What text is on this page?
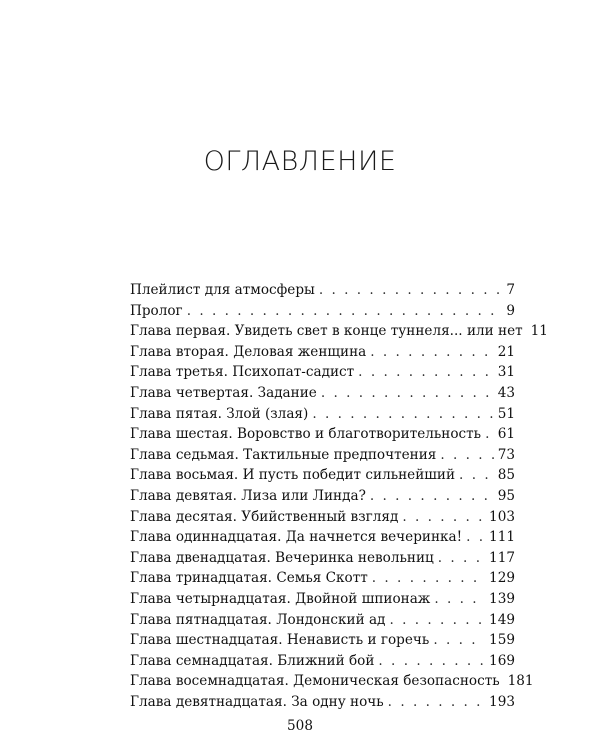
ОГЛАВЛЕНИЕ
Плейлист для атмосферы . . .	7
Пролог . . .	9
Глава первая. Увидеть свет в конце туннеля... или нет 11
Глава вторая. Деловая женщина . . .	21
Глава третья. Психопат-садист . . .	31
Глава четвертая. Задание . . .	43
Глава пятая. Злой (злая) . . .	51
Глава шестая. Воровство и благотворительность . . . 61
Глава седьмая. Тактильные предпочтения . . .	73
Глава восьмая. И пусть победит сильнейший . . .	85
Глава девятая. Лиза или Линда? . . .	95
Глава десятая. Убийственный взгляд . . .	103
Глава одиннадцатая. Да начнется вечеринка! . . . 111
Глава двенадцатая. Вечеринка невольниц . . .	117
Глава тринадцатая. Семья Скотт . . .	129
Глава четырнадцатая. Двойной шпионаж . . .	139
Глава пятнадцатая. Лондонский ад . . .	149
Глава шестнадцатая. Ненависть и горечь . . .	159
Глава семнадцатая. Ближний бой . . .	169
Глава восемнадцатая. Демоническая безопасность 181
Глава девятнадцатая. За одну ночь . . .	193
508
